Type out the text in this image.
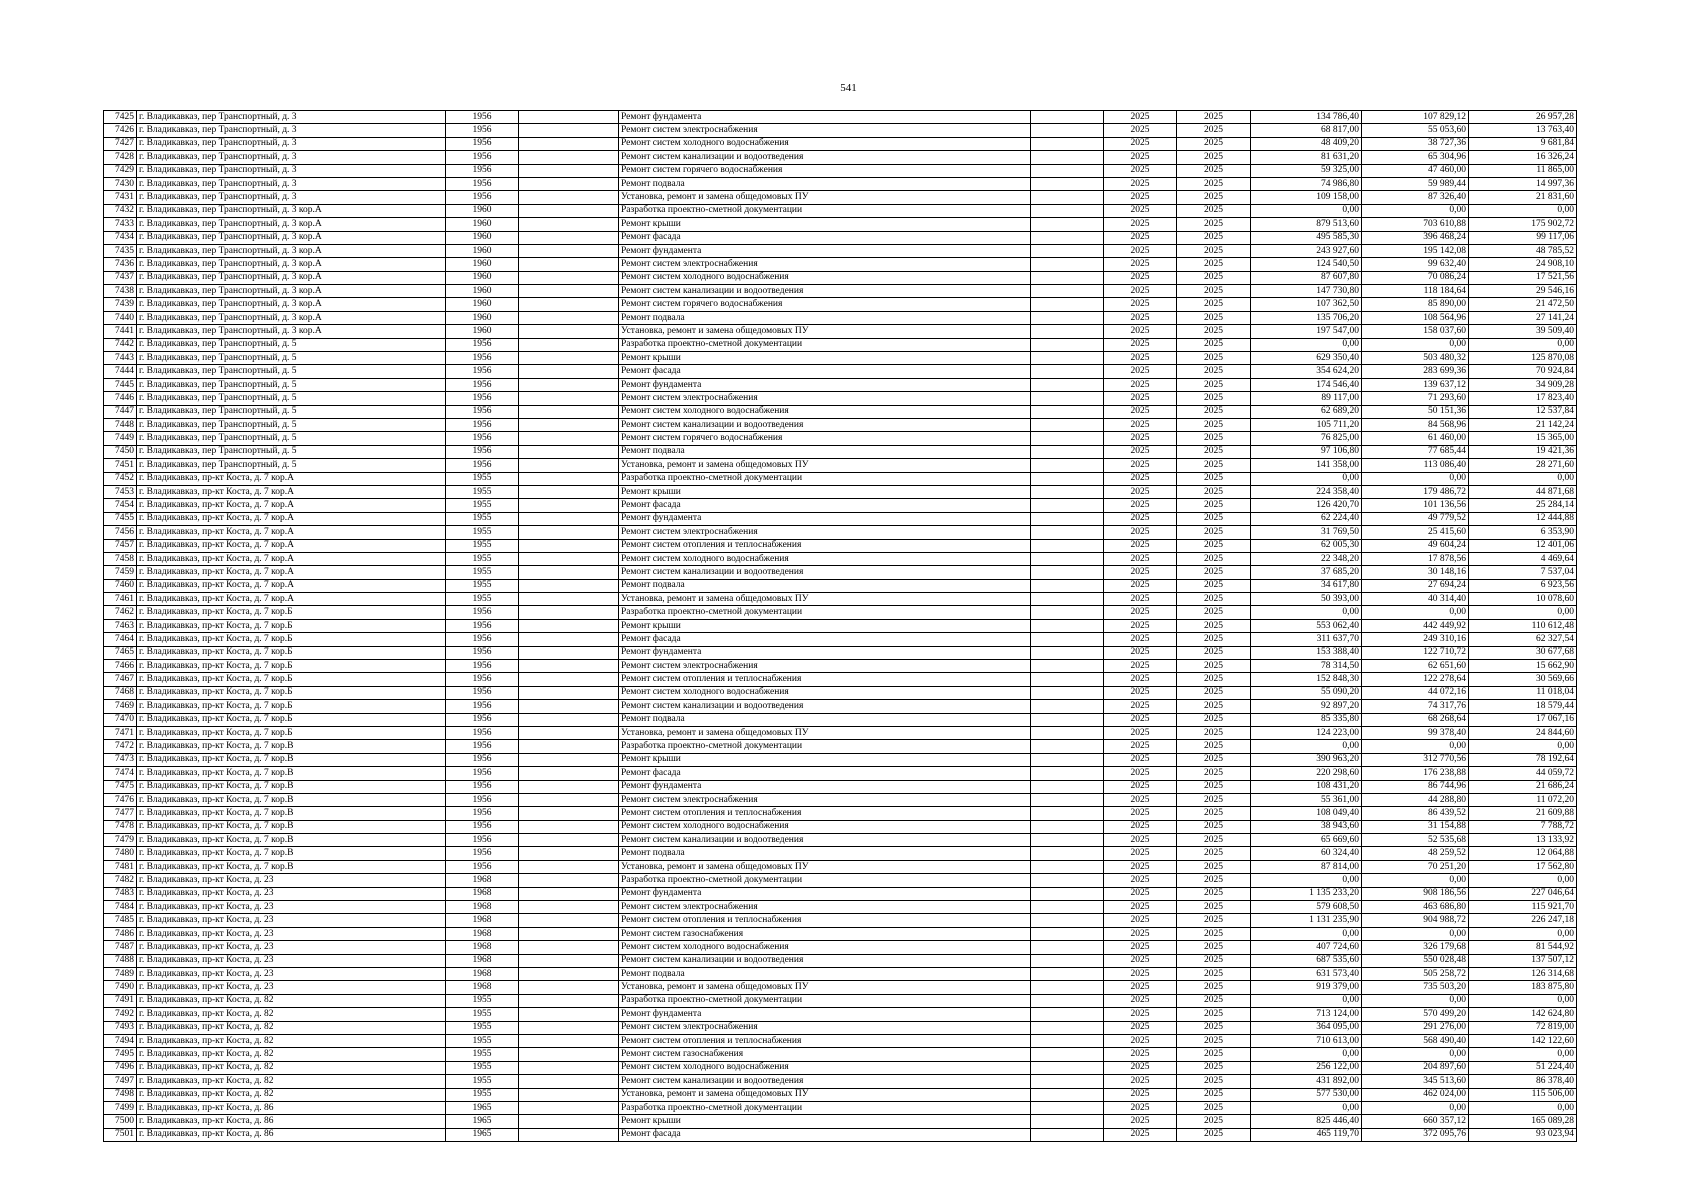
541
7425	г. Владикавказ, пер Транспортный, д. 3	1956		Ремонт фундамента		2025	2025	134 786,40	107 829,12	26 957,28
7426	г. Владикавказ, пер Транспортный, д. 3	1956		Ремонт систем электроснабжения		2025	2025	68 817,00	55 053,60	13 763,40
7427	г. Владикавказ, пер Транспортный, д. 3	1956		Ремонт систем холодного водоснабжения		2025	2025	48 409,20	38 727,36	9 681,84
7428	г. Владикавказ, пер Транспортный, д. 3	1956		Ремонт систем канализации и водоотведения		2025	2025	81 631,20	65 304,96	16 326,24
7429	г. Владикавказ, пер Транспортный, д. 3	1956		Ремонт систем горячего водоснабжения		2025	2025	59 325,00	47 460,00	11 865,00
7430	г. Владикавказ, пер Транспортный, д. 3	1956		Ремонт подвала		2025	2025	74 986,80	59 989,44	14 997,36
7431	г. Владикавказ, пер Транспортный, д. 3	1956		Установка, ремонт и замена общедомовых ПУ		2025	2025	109 158,00	87 326,40	21 831,60
7432	г. Владикавказ, пер Транспортный, д. 3 кор.А	1960		Разработка проектно-сметной документации		2025	2025	0,00	0,00	0,00
7433	г. Владикавказ, пер Транспортный, д. 3 кор.А	1960		Ремонт крыши		2025	2025	879 513,60	703 610,88	175 902,72
7434	г. Владикавказ, пер Транспортный, д. 3 кор.А	1960		Ремонт фасада		2025	2025	495 585,30	396 468,24	99 117,06
7435	г. Владикавказ, пер Транспортный, д. 3 кор.А	1960		Ремонт фундамента		2025	2025	243 927,60	195 142,08	48 785,52
7436	г. Владикавказ, пер Транспортный, д. 3 кор.А	1960		Ремонт систем электроснабжения		2025	2025	124 540,50	99 632,40	24 908,10
7437	г. Владикавказ, пер Транспортный, д. 3 кор.А	1960		Ремонт систем холодного водоснабжения		2025	2025	87 607,80	70 086,24	17 521,56
7438	г. Владикавказ, пер Транспортный, д. 3 кор.А	1960		Ремонт систем канализации и водоотведения		2025	2025	147 730,80	118 184,64	29 546,16
7439	г. Владикавказ, пер Транспортный, д. 3 кор.А	1960		Ремонт систем горячего водоснабжения		2025	2025	107 362,50	85 890,00	21 472,50
7440	г. Владикавказ, пер Транспортный, д. 3 кор.А	1960		Ремонт подвала		2025	2025	135 706,20	108 564,96	27 141,24
7441	г. Владикавказ, пер Транспортный, д. 3 кор.А	1960		Установка, ремонт и замена общедомовых ПУ		2025	2025	197 547,00	158 037,60	39 509,40
7442	г. Владикавказ, пер Транспортный, д. 5	1956		Разработка проектно-сметной документации		2025	2025	0,00	0,00	0,00
7443	г. Владикавказ, пер Транспортный, д. 5	1956		Ремонт крыши		2025	2025	629 350,40	503 480,32	125 870,08
7444	г. Владикавказ, пер Транспортный, д. 5	1956		Ремонт фасада		2025	2025	354 624,20	283 699,36	70 924,84
7445	г. Владикавказ, пер Транспортный, д. 5	1956		Ремонт фундамента		2025	2025	174 546,40	139 637,12	34 909,28
7446	г. Владикавказ, пер Транспортный, д. 5	1956		Ремонт систем электроснабжения		2025	2025	89 117,00	71 293,60	17 823,40
7447	г. Владикавказ, пер Транспортный, д. 5	1956		Ремонт систем холодного водоснабжения		2025	2025	62 689,20	50 151,36	12 537,84
7448	г. Владикавказ, пер Транспортный, д. 5	1956		Ремонт систем канализации и водоотведения		2025	2025	105 711,20	84 568,96	21 142,24
7449	г. Владикавказ, пер Транспортный, д. 5	1956		Ремонт систем горячего водоснабжения		2025	2025	76 825,00	61 460,00	15 365,00
7450	г. Владикавказ, пер Транспортный, д. 5	1956		Ремонт подвала		2025	2025	97 106,80	77 685,44	19 421,36
7451	г. Владикавказ, пер Транспортный, д. 5	1956		Установка, ремонт и замена общедомовых ПУ		2025	2025	141 358,00	113 086,40	28 271,60
7452	г. Владикавказ, пр-кт Коста, д. 7 кор.А	1955		Разработка проектно-сметной документации		2025	2025	0,00	0,00	0,00
7453	г. Владикавказ, пр-кт Коста, д. 7 кор.А	1955		Ремонт крыши		2025	2025	224 358,40	179 486,72	44 871,68
7454	г. Владикавказ, пр-кт Коста, д. 7 кор.А	1955		Ремонт фасада		2025	2025	126 420,70	101 136,56	25 284,14
7455	г. Владикавказ, пр-кт Коста, д. 7 кор.А	1955		Ремонт фундамента		2025	2025	62 224,40	49 779,52	12 444,88
7456	г. Владикавказ, пр-кт Коста, д. 7 кор.А	1955		Ремонт систем электроснабжения		2025	2025	31 769,50	25 415,60	6 353,90
7457	г. Владикавказ, пр-кт Коста, д. 7 кор.А	1955		Ремонт систем отопления и теплоснабжения		2025	2025	62 005,30	49 604,24	12 401,06
7458	г. Владикавказ, пр-кт Коста, д. 7 кор.А	1955		Ремонт систем холодного водоснабжения		2025	2025	22 348,20	17 878,56	4 469,64
7459	г. Владикавказ, пр-кт Коста, д. 7 кор.А	1955		Ремонт систем канализации и водоотведения		2025	2025	37 685,20	30 148,16	7 537,04
7460	г. Владикавказ, пр-кт Коста, д. 7 кор.А	1955		Ремонт подвала		2025	2025	34 617,80	27 694,24	6 923,56
7461	г. Владикавказ, пр-кт Коста, д. 7 кор.А	1955		Установка, ремонт и замена общедомовых ПУ		2025	2025	50 393,00	40 314,40	10 078,60
7462	г. Владикавказ, пр-кт Коста, д. 7 кор.Б	1956		Разработка проектно-сметной документации		2025	2025	0,00	0,00	0,00
7463	г. Владикавказ, пр-кт Коста, д. 7 кор.Б	1956		Ремонт крыши		2025	2025	553 062,40	442 449,92	110 612,48
7464	г. Владикавказ, пр-кт Коста, д. 7 кор.Б	1956		Ремонт фасада		2025	2025	311 637,70	249 310,16	62 327,54
7465	г. Владикавказ, пр-кт Коста, д. 7 кор.Б	1956		Ремонт фундамента		2025	2025	153 388,40	122 710,72	30 677,68
7466	г. Владикавказ, пр-кт Коста, д. 7 кор.Б	1956		Ремонт систем электроснабжения		2025	2025	78 314,50	62 651,60	15 662,90
7467	г. Владикавказ, пр-кт Коста, д. 7 кор.Б	1956		Ремонт систем отопления и теплоснабжения		2025	2025	152 848,30	122 278,64	30 569,66
7468	г. Владикавказ, пр-кт Коста, д. 7 кор.Б	1956		Ремонт систем холодного водоснабжения		2025	2025	55 090,20	44 072,16	11 018,04
7469	г. Владикавказ, пр-кт Коста, д. 7 кор.Б	1956		Ремонт систем канализации и водоотведения		2025	2025	92 897,20	74 317,76	18 579,44
7470	г. Владикавказ, пр-кт Коста, д. 7 кор.Б	1956		Ремонт подвала		2025	2025	85 335,80	68 268,64	17 067,16
7471	г. Владикавказ, пр-кт Коста, д. 7 кор.Б	1956		Установка, ремонт и замена общедомовых ПУ		2025	2025	124 223,00	99 378,40	24 844,60
7472	г. Владикавказ, пр-кт Коста, д. 7 кор.В	1956		Разработка проектно-сметной документации		2025	2025	0,00	0,00	0,00
7473	г. Владикавказ, пр-кт Коста, д. 7 кор.В	1956		Ремонт крыши		2025	2025	390 963,20	312 770,56	78 192,64
7474	г. Владикавказ, пр-кт Коста, д. 7 кор.В	1956		Ремонт фасада		2025	2025	220 298,60	176 238,88	44 059,72
7475	г. Владикавказ, пр-кт Коста, д. 7 кор.В	1956		Ремонт фундамента		2025	2025	108 431,20	86 744,96	21 686,24
7476	г. Владикавказ, пр-кт Коста, д. 7 кор.В	1956		Ремонт систем электроснабжения		2025	2025	55 361,00	44 288,80	11 072,20
7477	г. Владикавказ, пр-кт Коста, д. 7 кор.В	1956		Ремонт систем отопления и теплоснабжения		2025	2025	108 049,40	86 439,52	21 609,88
7478	г. Владикавказ, пр-кт Коста, д. 7 кор.В	1956		Ремонт систем холодного водоснабжения		2025	2025	38 943,60	31 154,88	7 788,72
7479	г. Владикавказ, пр-кт Коста, д. 7 кор.В	1956		Ремонт систем канализации и водоотведения		2025	2025	65 669,60	52 535,68	13 133,92
7480	г. Владикавказ, пр-кт Коста, д. 7 кор.В	1956		Ремонт подвала		2025	2025	60 324,40	48 259,52	12 064,88
7481	г. Владикавказ, пр-кт Коста, д. 7 кор.В	1956		Установка, ремонт и замена общедомовых ПУ		2025	2025	87 814,00	70 251,20	17 562,80
7482	г. Владикавказ, пр-кт Коста, д. 23	1968		Разработка проектно-сметной документации		2025	2025	0,00	0,00	0,00
7483	г. Владикавказ, пр-кт Коста, д. 23	1968		Ремонт фундамента		2025	2025	1 135 233,20	908 186,56	227 046,64
7484	г. Владикавказ, пр-кт Коста, д. 23	1968		Ремонт систем электроснабжения		2025	2025	579 608,50	463 686,80	115 921,70
7485	г. Владикавказ, пр-кт Коста, д. 23	1968		Ремонт систем отопления и теплоснабжения		2025	2025	1 131 235,90	904 988,72	226 247,18
7486	г. Владикавказ, пр-кт Коста, д. 23	1968		Ремонт систем газоснабжения		2025	2025	0,00	0,00	0,00
7487	г. Владикавказ, пр-кт Коста, д. 23	1968		Ремонт систем холодного водоснабжения		2025	2025	407 724,60	326 179,68	81 544,92
7488	г. Владикавказ, пр-кт Коста, д. 23	1968		Ремонт систем канализации и водоотведения		2025	2025	687 535,60	550 028,48	137 507,12
7489	г. Владикавказ, пр-кт Коста, д. 23	1968		Ремонт подвала		2025	2025	631 573,40	505 258,72	126 314,68
7490	г. Владикавказ, пр-кт Коста, д. 23	1968		Установка, ремонт и замена общедомовых ПУ		2025	2025	919 379,00	735 503,20	183 875,80
7491	г. Владикавказ, пр-кт Коста, д. 82	1955		Разработка проектно-сметной документации		2025	2025	0,00	0,00	0,00
7492	г. Владикавказ, пр-кт Коста, д. 82	1955		Ремонт фундамента		2025	2025	713 124,00	570 499,20	142 624,80
7493	г. Владикавказ, пр-кт Коста, д. 82	1955		Ремонт систем электроснабжения		2025	2025	364 095,00	291 276,00	72 819,00
7494	г. Владикавказ, пр-кт Коста, д. 82	1955		Ремонт систем отопления и теплоснабжения		2025	2025	710 613,00	568 490,40	142 122,60
7495	г. Владикавказ, пр-кт Коста, д. 82	1955		Ремонт систем газоснабжения		2025	2025	0,00	0,00	0,00
7496	г. Владикавказ, пр-кт Коста, д. 82	1955		Ремонт систем холодного водоснабжения		2025	2025	256 122,00	204 897,60	51 224,40
7497	г. Владикавказ, пр-кт Коста, д. 82	1955		Ремонт систем канализации и водоотведения		2025	2025	431 892,00	345 513,60	86 378,40
7498	г. Владикавказ, пр-кт Коста, д. 82	1955		Установка, ремонт и замена общедомовых ПУ		2025	2025	577 530,00	462 024,00	115 506,00
7499	г. Владикавказ, пр-кт Коста, д. 86	1965		Разработка проектно-сметной документации		2025	2025	0,00	0,00	0,00
7500	г. Владикавказ, пр-кт Коста, д. 86	1965		Ремонт крыши		2025	2025	825 446,40	660 357,12	165 089,28
7501	г. Владикавказ, пр-кт Коста, д. 86	1965		Ремонт фасада		2025	2025	465 119,70	372 095,76	93 023,94
